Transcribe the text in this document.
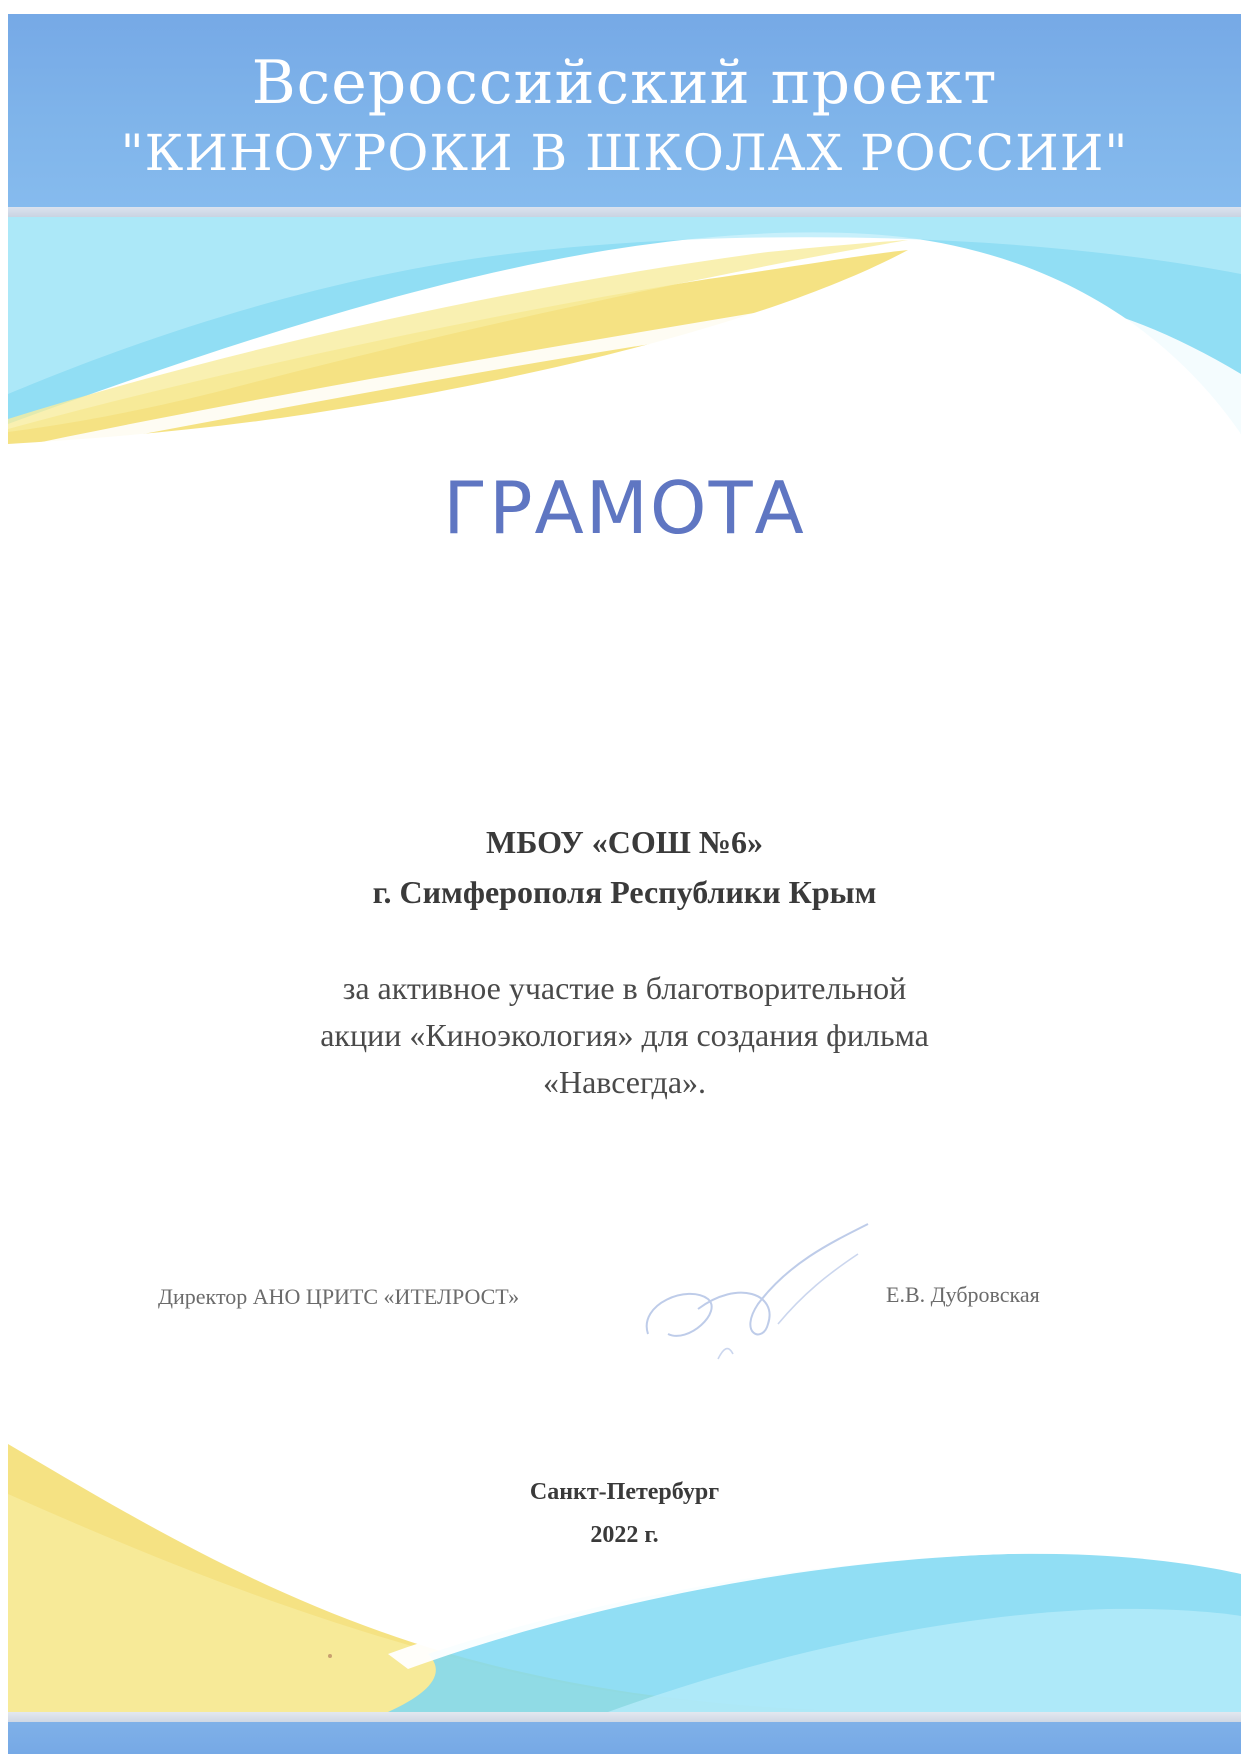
Всероссийский проект
"КИНОУРОКИ В ШКОЛАХ РОССИИ"
ГРАМОТА
МБОУ «СОШ №6»
г. Симферополя Республики Крым
за активное участие в благотворительной
акции «Киноэкология» для создания фильма
«Навсегда».
Директор АНО ЦРИТС «ИТЕЛРОСТ»	Е.В. Дубровская
Санкт-Петербург
2022 г.
